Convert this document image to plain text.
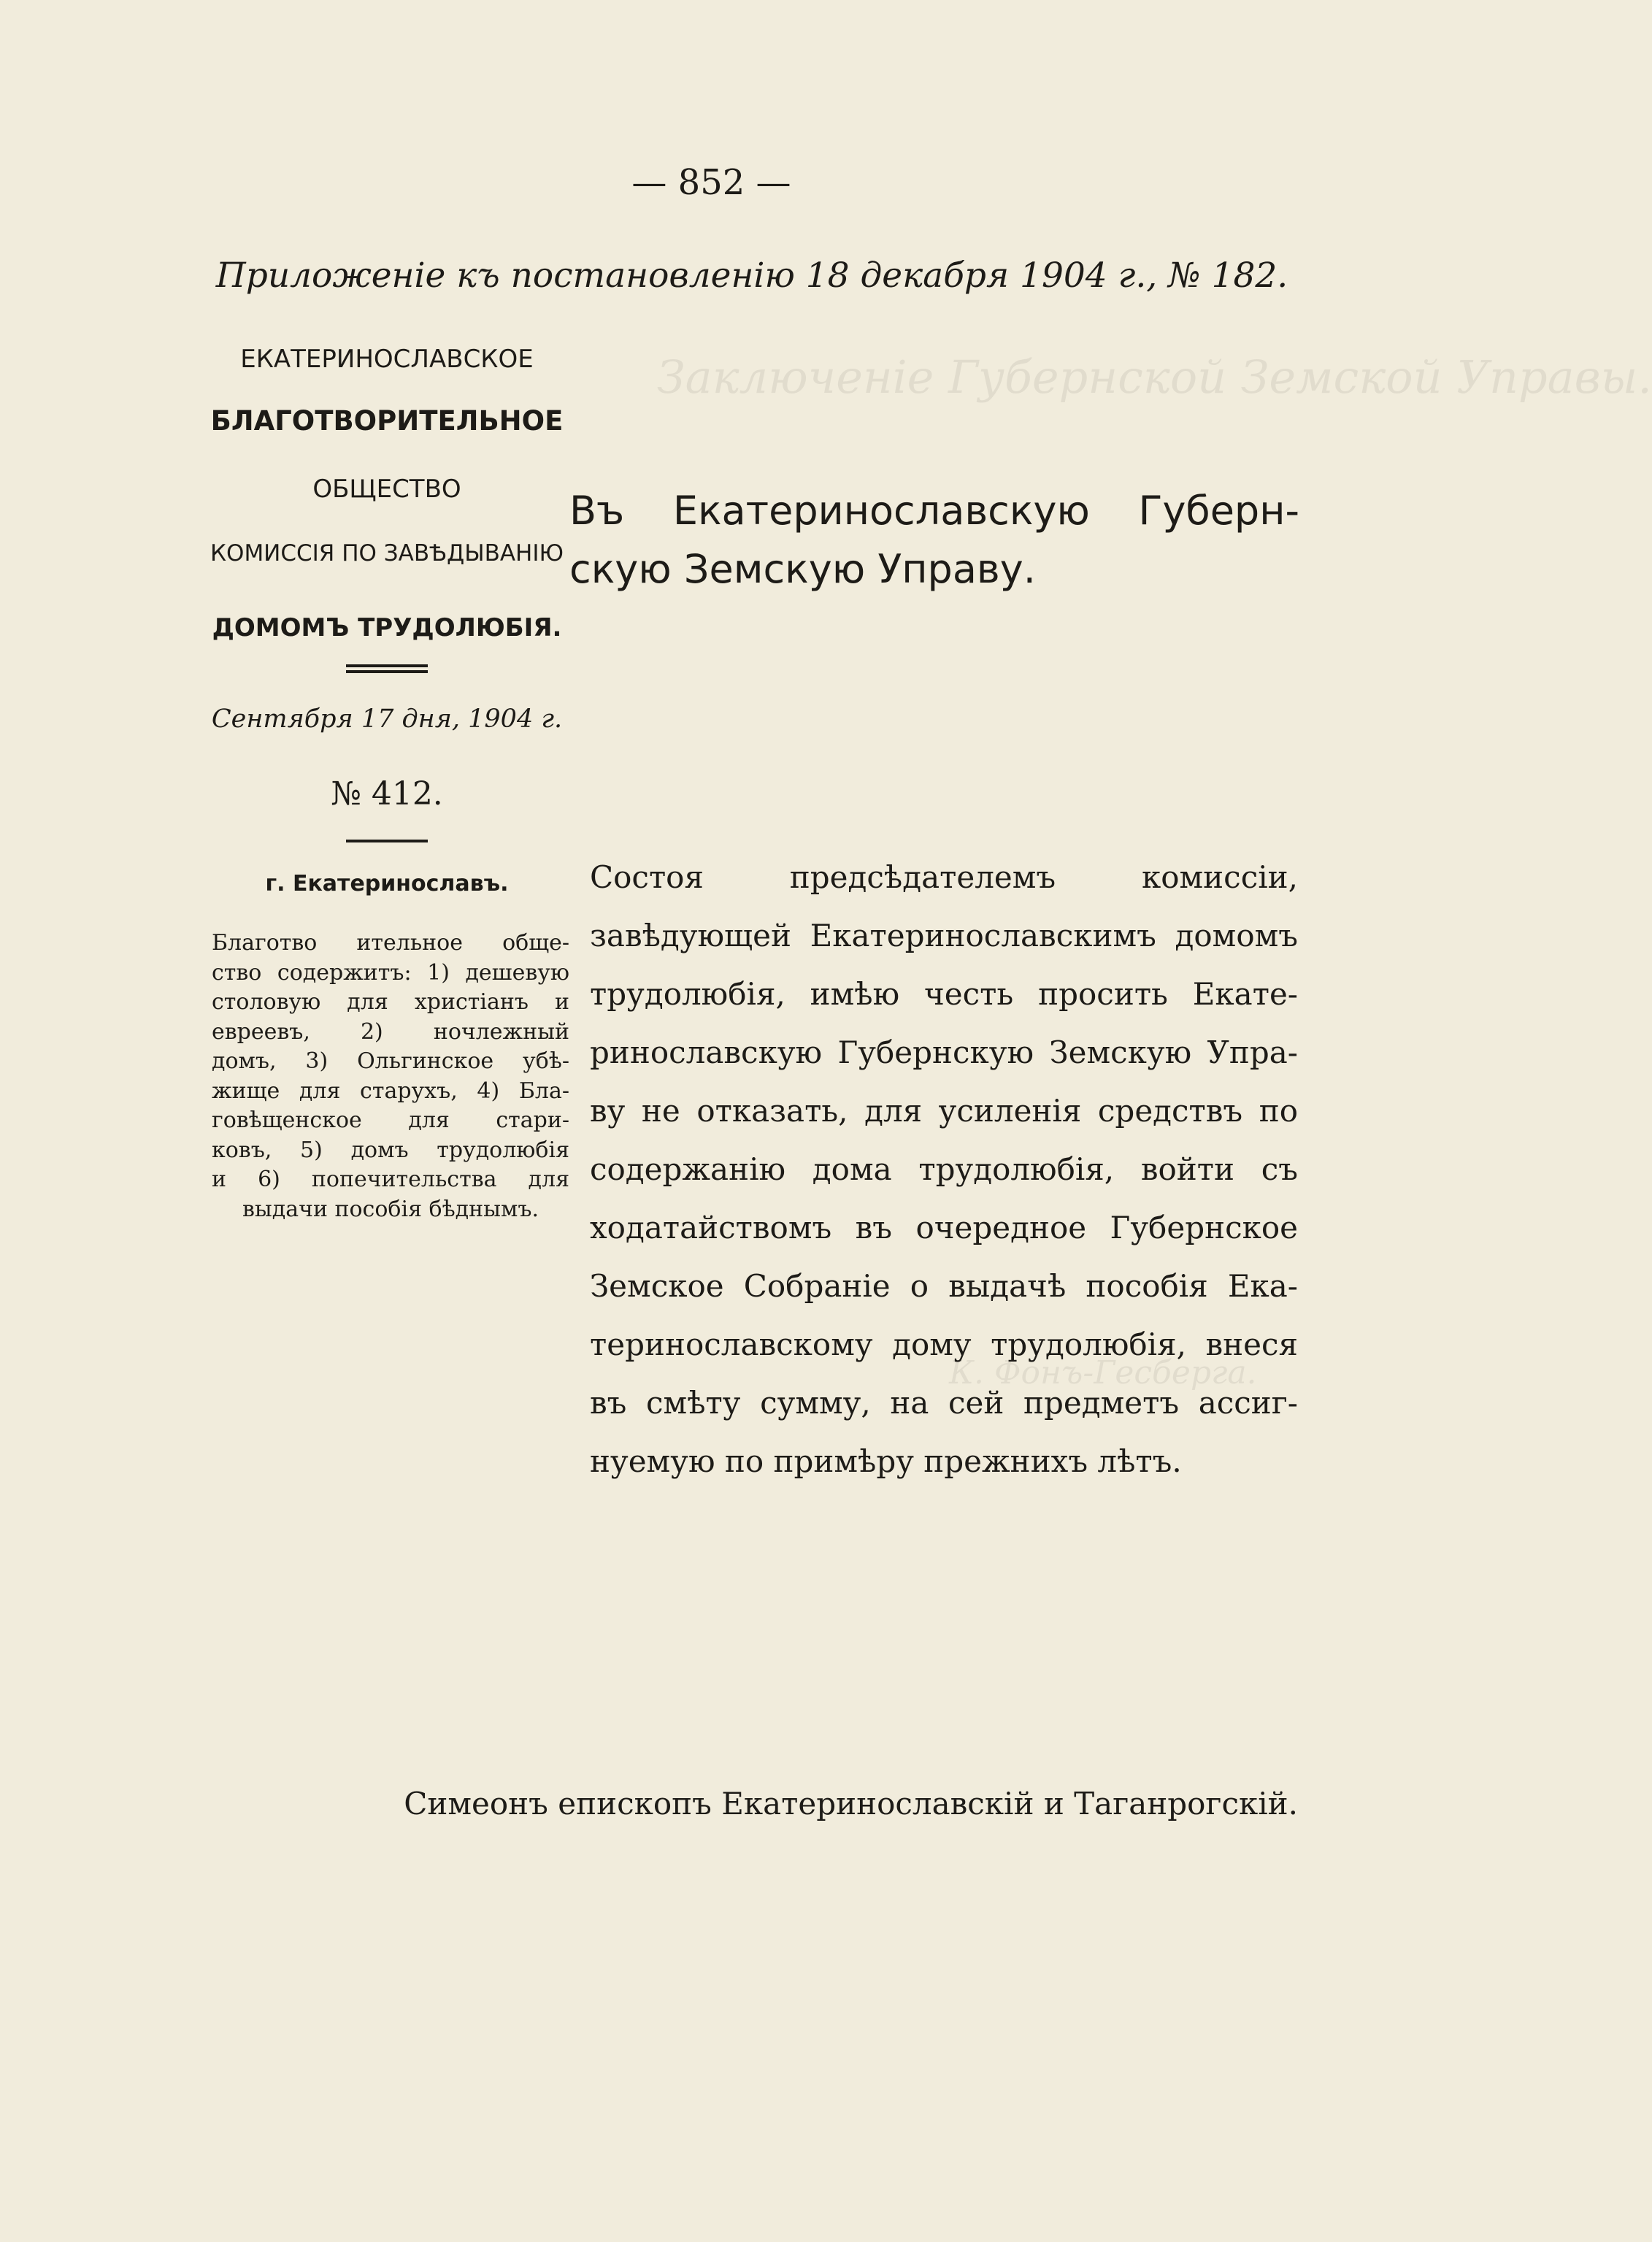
Заключенiе Губернской Земской Управы.
К. Фонъ-Гесберга.
— 852 —
Приложенiе къ постановленiю 18 декабря 1904 г., № 182.
ЕКАТЕРИНОСЛАВСКОЕ
БЛАГОТВОРИТЕЛЬНОЕ
ОБЩЕСТВО
КОМИССIЯ ПО ЗАВѢДЫВАНIЮ
ДОМОМЪ ТРУДОЛЮБIЯ.
Сентября 17 дня, 1904 г.
№ 412.
г. Екатеринославъ.
Благотво ительное обще-
ство содержитъ: 1) дешевую
столовую для христiанъ и
евреевъ, 2) ночлежный
домъ, 3) Ольгинское убѣ-
жище для старухъ, 4) Бла-
говѣщенское для стари-
ковъ, 5) домъ трудолюбiя
и 6) попечительства для
выдачи пособiя бѣднымъ.
Въ Екатеринославскую Губерн-
скую Земскую Управу.
Состоя предсѣдателемъ комиссiи,
завѣдующей Екатеринославскимъ домомъ
трудолюбiя, имѣю честь просить Екате-
ринославскую Губернскую Земскую Упра-
ву не отказать, для усиленiя средствъ по
содержанiю дома трудолюбiя, войти съ
ходатайствомъ въ очередное Губернское
Земское Собранiе о выдачѣ пособiя Ека-
теринославскому дому трудолюбiя, внеся
въ смѣту сумму, на сей предметъ ассиг-
нуемую по примѣру прежнихъ лѣтъ.
Симеонъ епископъ Екатеринославскiй и Таганрогскiй.
